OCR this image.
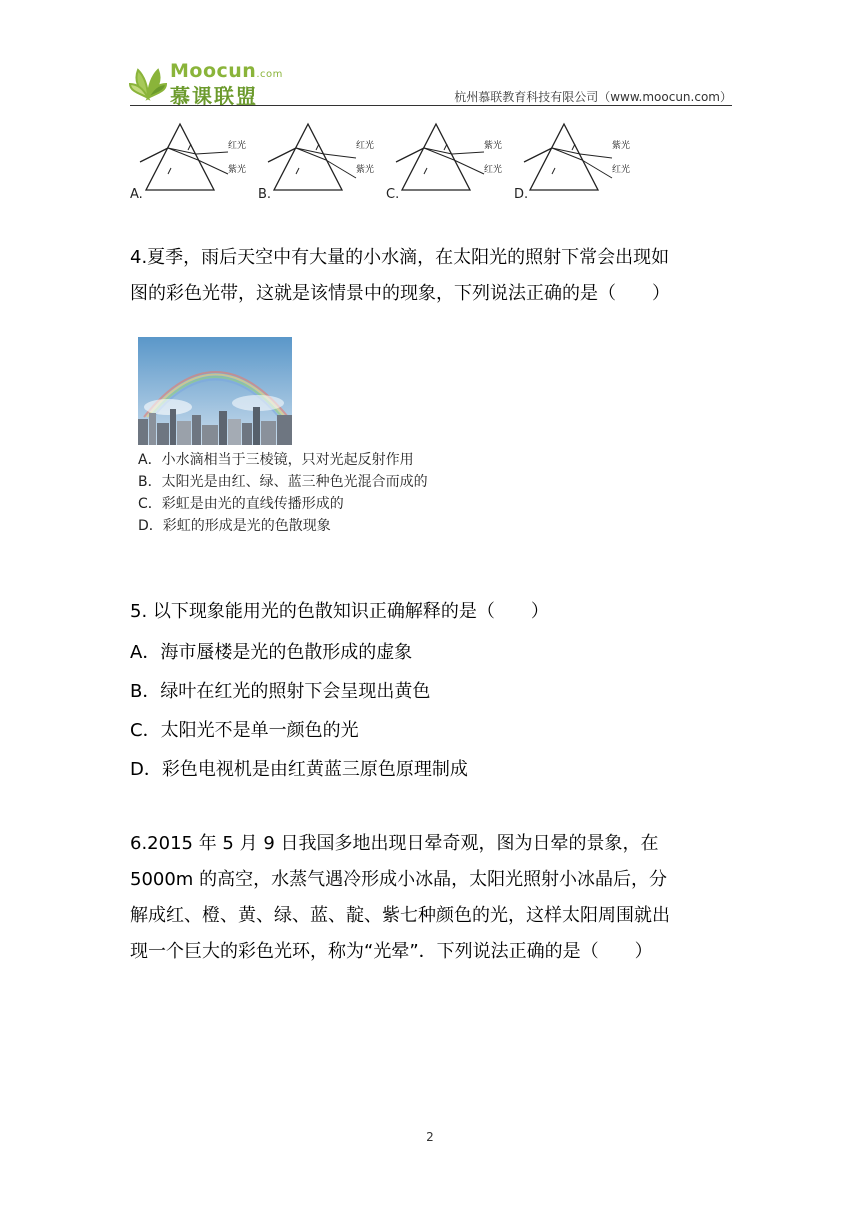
Moocun.com
慕课联盟	杭州慕联教育科技有限公司（www.moocun.com）
红光
紫光
A.
红光
紫光
B.
紫光
红光
C.
紫光
红光
D.
4.夏季，雨后天空中有大量的小水滴，在太阳光的照射下常会出现如
图的彩色光带，这就是该情景中的现象，下列说法正确的是（　　）
A．小水滴相当于三棱镜，只对光起反射作用
B．太阳光是由红、绿、蓝三种色光混合而成的
C．彩虹是由光的直线传播形成的
D．彩虹的形成是光的色散现象
5. 以下现象能用光的色散知识正确解释的是（　　）
A．海市蜃楼是光的色散形成的虚象
B．绿叶在红光的照射下会呈现出黄色
C．太阳光不是单一颜色的光
D．彩色电视机是由红黄蓝三原色原理制成
6.2015 年 5 月 9 日我国多地出现日晕奇观，图为日晕的景象，在
5000m 的高空，水蒸气遇冷形成小冰晶，太阳光照射小冰晶后，分
解成红、橙、黄、绿、蓝、靛、紫七种颜色的光，这样太阳周围就出
现一个巨大的彩色光环，称为“光晕”．下列说法正确的是（　　）
2
